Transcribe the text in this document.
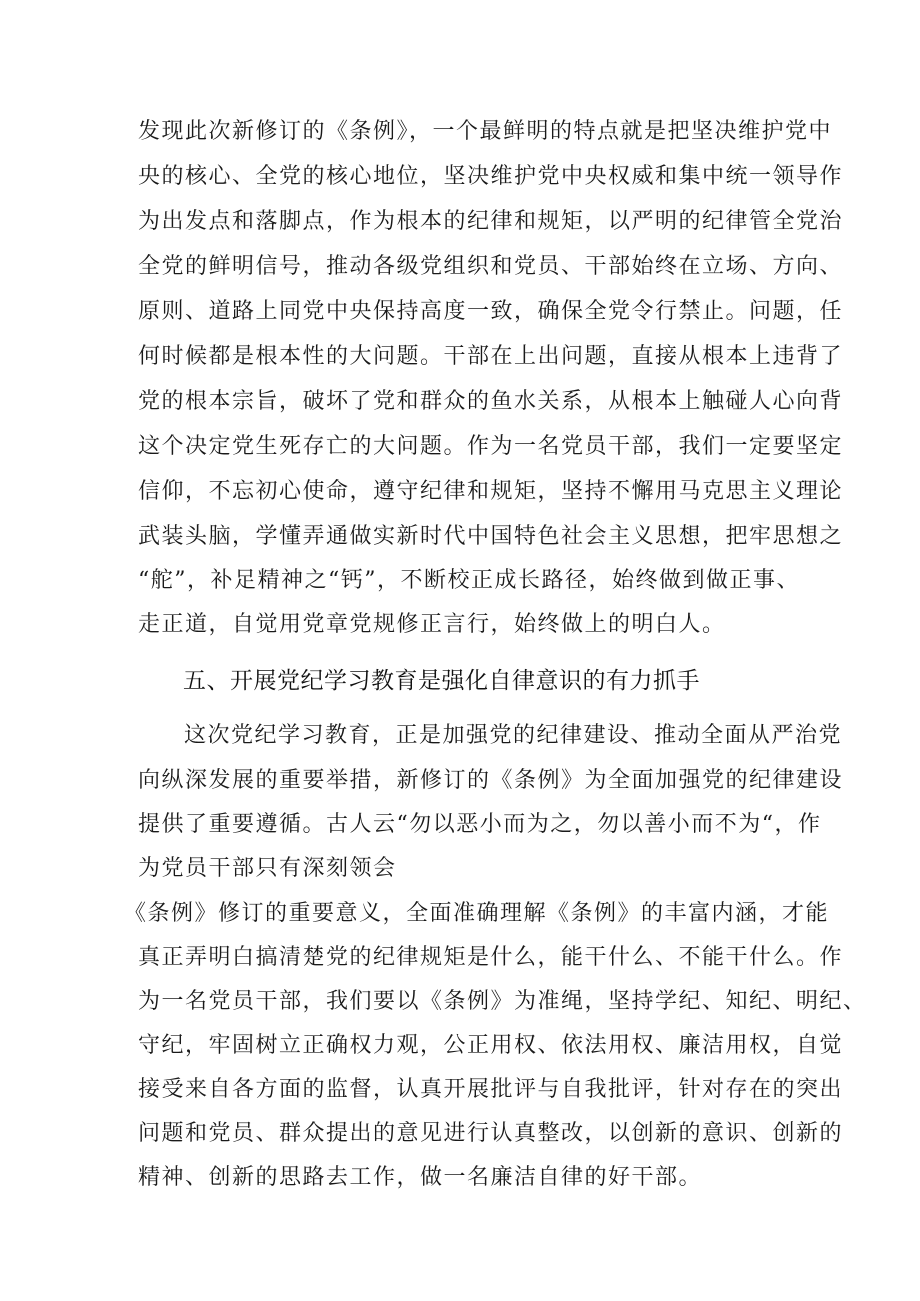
发现此次新修订的《条例》，一个最鲜明的特点就是把坚决维护党中
央的核心、全党的核心地位，坚决维护党中央权威和集中统一领导作
为出发点和落脚点，作为根本的纪律和规矩，以严明的纪律管全党治
全党的鲜明信号，推动各级党组织和党员、干部始终在立场、方向、
原则、道路上同党中央保持高度一致，确保全党令行禁止。问题，任
何时候都是根本性的大问题。干部在上出问题，直接从根本上违背了
党的根本宗旨，破坏了党和群众的鱼水关系，从根本上触碰人心向背
这个决定党生死存亡的大问题。作为一名党员干部，我们一定要坚定
信仰，不忘初心使命，遵守纪律和规矩，坚持不懈用马克思主义理论
武装头脑，学懂弄通做实新时代中国特色社会主义思想，把牢思想之
“舵”，补足精神之“钙”，不断校正成长路径，始终做到做正事、
走正道，自觉用党章党规修正言行，始终做上的明白人。
五、开展党纪学习教育是强化自律意识的有力抓手
这次党纪学习教育，正是加强党的纪律建设、推动全面从严治党
向纵深发展的重要举措，新修订的《条例》为全面加强党的纪律建设
提供了重要遵循。古人云“勿以恶小而为之，勿以善小而不为“，作
为党员干部只有深刻领会
《条例》修订的重要意义，全面准确理解《条例》的丰富内涵，才能
真正弄明白搞清楚党的纪律规矩是什么，能干什么、不能干什么。作
为一名党员干部，我们要以《条例》为准绳，坚持学纪、知纪、明纪、
守纪，牢固树立正确权力观，公正用权、依法用权、廉洁用权，自觉
接受来自各方面的监督，认真开展批评与自我批评，针对存在的突出
问题和党员、群众提出的意见进行认真整改，以创新的意识、创新的
精神、创新的思路去工作，做一名廉洁自律的好干部。
